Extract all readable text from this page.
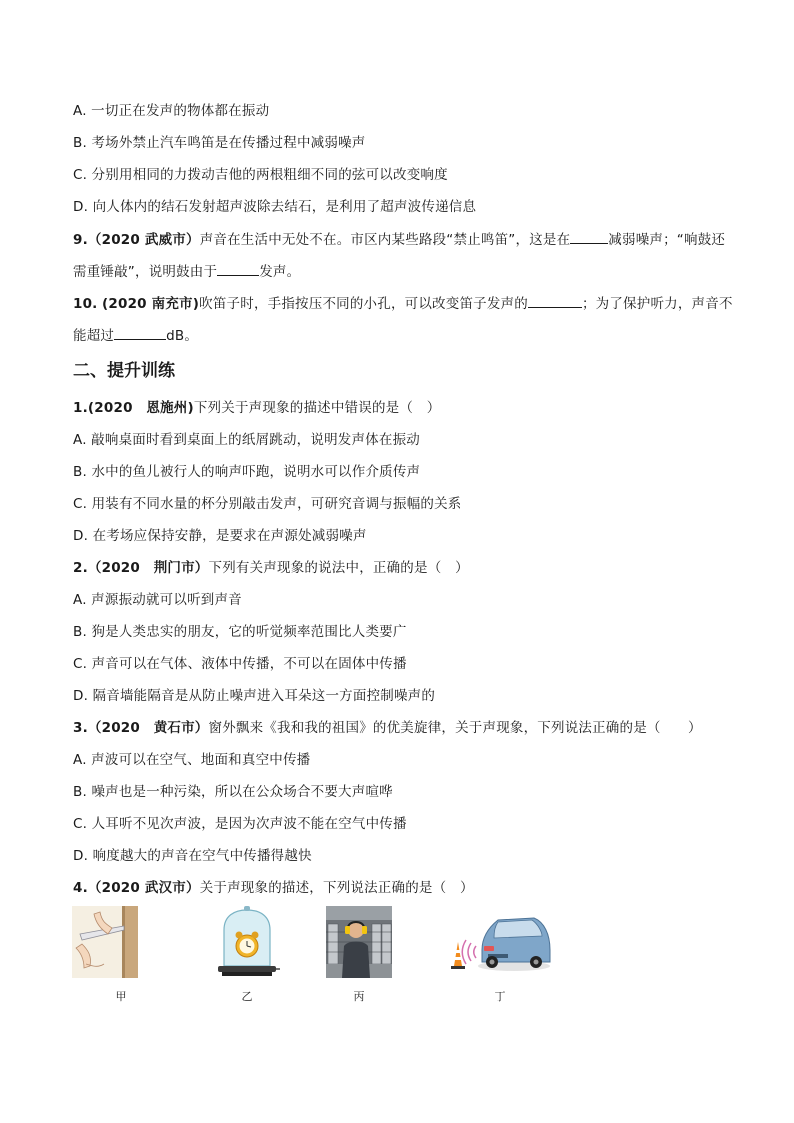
A. 一切正在发声的物体都在振动
B. 考场外禁止汽车鸣笛是在传播过程中减弱噪声
C. 分别用相同的力拨动吉他的两根粗细不同的弦可以改变响度
D. 向人体内的结石发射超声波除去结石，是利用了超声波传递信息
9.（2020 武威市）声音在生活中无处不在。市区内某些路段“禁止鸣笛”，这是在	减弱噪声；“响鼓还
需重锤敲”，说明鼓由于	发声。
10. (2020 南充市)吹笛子时，手指按压不同的小孔，可以改变笛子发声的	；为了保护听力，声音不
能超过	dB。
二、提升训练
1.(2020　恩施州)下列关于声现象的描述中错误的是（　）
A. 敲响桌面时看到桌面上的纸屑跳动，说明发声体在振动
B. 水中的鱼儿被行人的响声吓跑，说明水可以作介质传声
C. 用装有不同水量的杯分别敲击发声，可研究音调与振幅的关系
D. 在考场应保持安静，是要求在声源处减弱噪声
2.（2020　荆门市）下列有关声现象的说法中，正确的是（　）
A. 声源振动就可以听到声音
B. 狗是人类忠实的朋友，它的听觉频率范围比人类要广
C. 声音可以在气体、液体中传播，不可以在固体中传播
D. 隔音墙能隔音是从防止噪声进入耳朵这一方面控制噪声的
3.（2020　黄石市）窗外飘来《我和我的祖国》的优美旋律，关于声现象，下列说法正确的是（　　）
A. 声波可以在空气、地面和真空中传播
B. 噪声也是一种污染，所以在公众场合不要大声喧哗
C. 人耳听不见次声波，是因为次声波不能在空气中传播
D. 响度越大的声音在空气中传播得越快
4.（2020 武汉市）关于声现象的描述，下列说法正确的是（　）
甲	乙	丙	丁
